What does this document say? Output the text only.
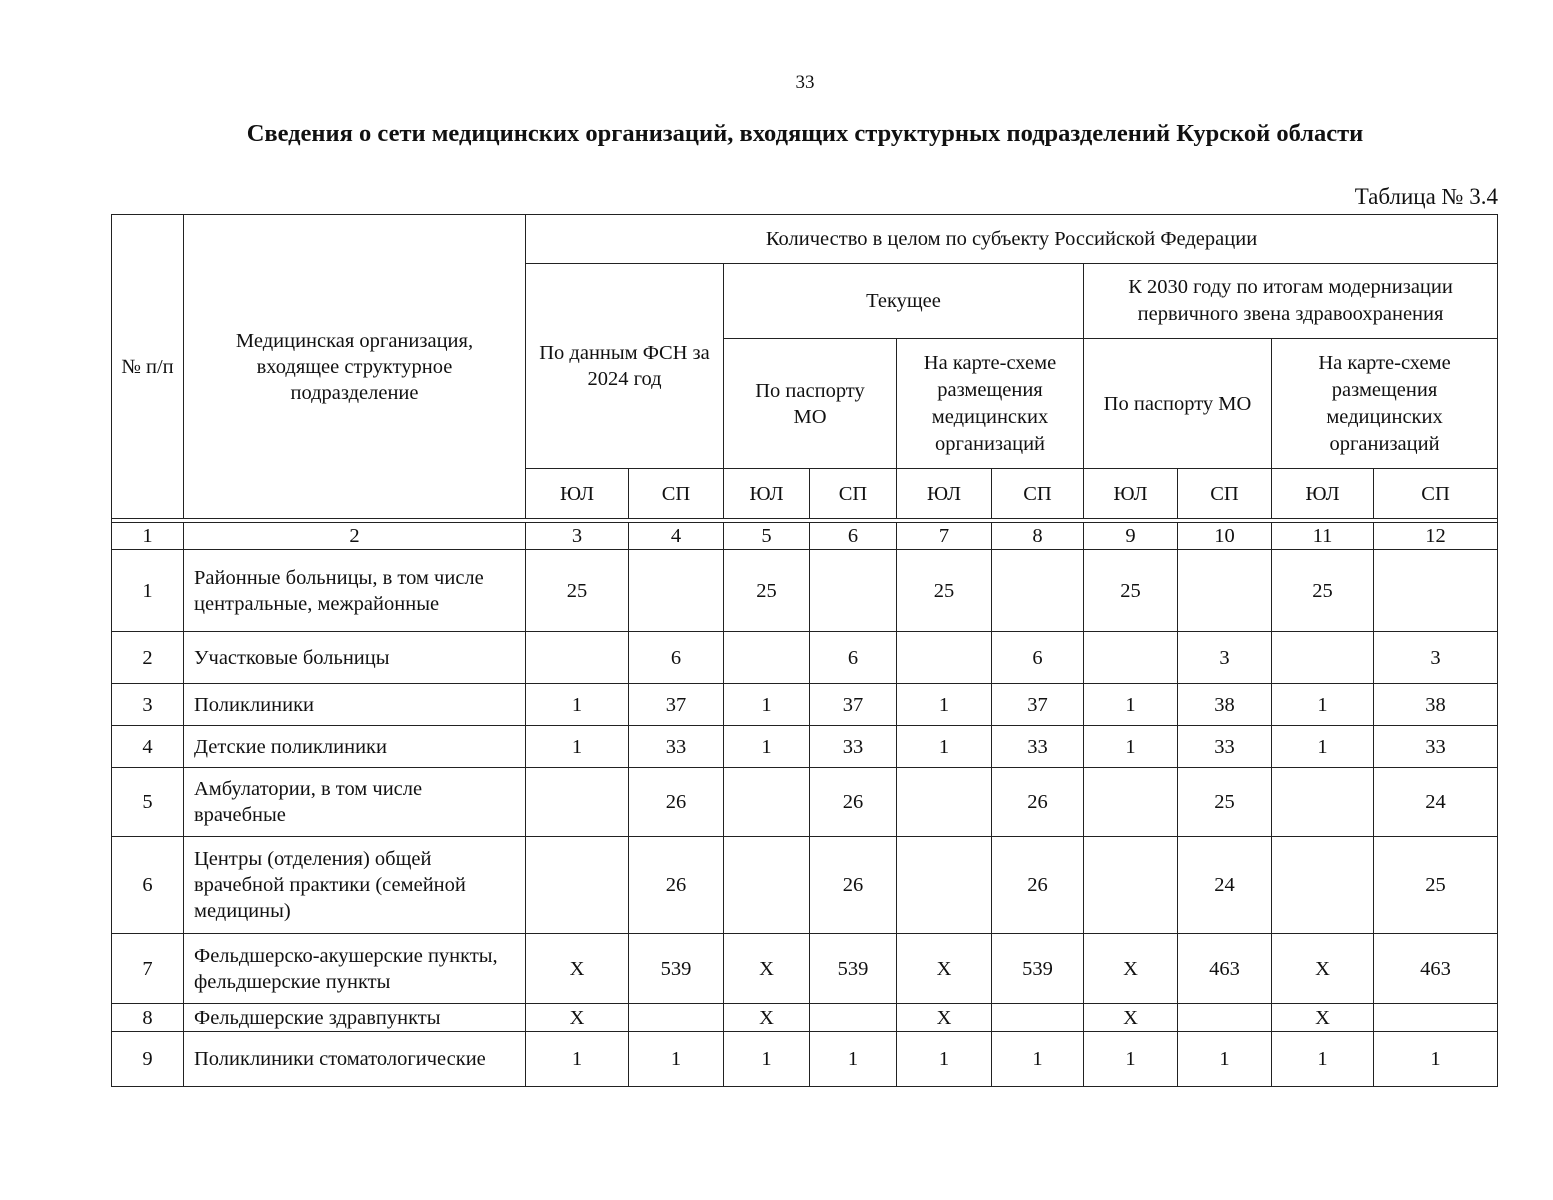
33
Сведения о сети медицинских организаций, входящих структурных подразделений Курской области
Таблица № 3.4
№ п/п	Медицинская организация, входящее структурное подразделение	Количество в целом по субъекту Российской Федерации									
		По данным ФСН за 2024 год		Текущее				К 2030 году по итогам модернизации первичного звена здравоохранения			
				По паспорту МО		На карте-схеме размещения медицинских организаций		По паспорту МО		На карте-схеме размещения медицинских организаций	
		ЮЛ	СП	ЮЛ	СП	ЮЛ	СП	ЮЛ	СП	ЮЛ	СП

1	2	3	4	5	6	7	8	9	10	11	12
1	Районные больницы, в том числе центральные, межрайонные	25		25		25		25		25	
2	Участковые больницы		6		6		6		3		3
3	Поликлиники	1	37	1	37	1	37	1	38	1	38
4	Детские поликлиники	1	33	1	33	1	33	1	33	1	33
5	Амбулатории, в том числе врачебные		26		26		26		25		24
6	Центры (отделения) общей врачебной практики (семейной медицины)		26		26		26		24		25
7	Фельдшерско-акушерские пункты, фельдшерские пункты	Х	539	Х	539	Х	539	Х	463	Х	463
8	Фельдшерские здравпункты	Х		Х		Х		Х		Х	
9	Поликлиники стоматологические	1	1	1	1	1	1	1	1	1	1
